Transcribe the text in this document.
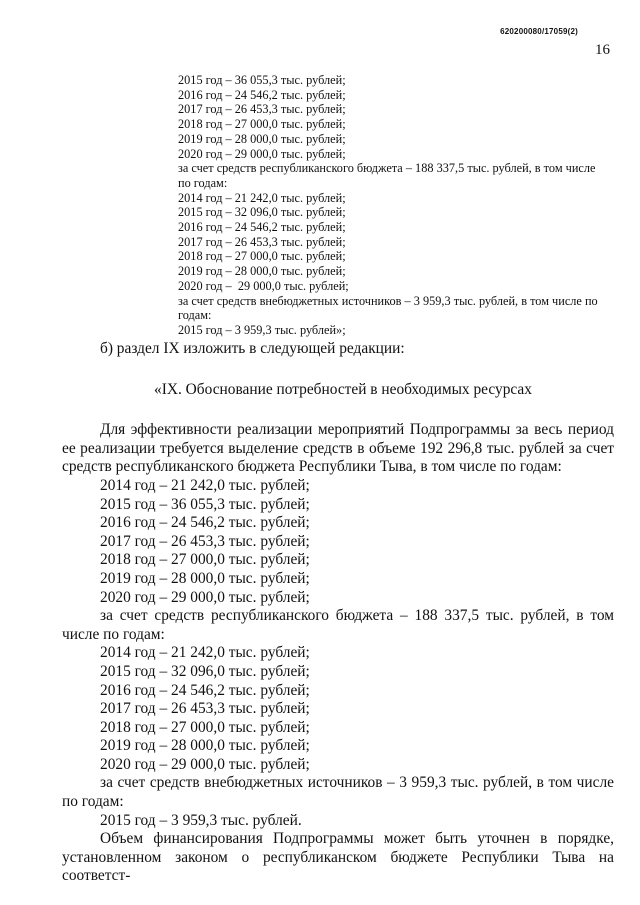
620200080/17059(2)
16
2015 год – 36 055,3 тыс. рублей;
2016 год – 24 546,2 тыс. рублей;
2017 год – 26 453,3 тыс. рублей;
2018 год – 27 000,0 тыс. рублей;
2019 год – 28 000,0 тыс. рублей;
2020 год – 29 000,0 тыс. рублей;
за счет средств республиканского бюджета – 188 337,5 тыс. рублей, в том числе по годам:
2014 год – 21 242,0 тыс. рублей;
2015 год – 32 096,0 тыс. рублей;
2016 год – 24 546,2 тыс. рублей;
2017 год – 26 453,3 тыс. рублей;
2018 год – 27 000,0 тыс. рублей;
2019 год – 28 000,0 тыс. рублей;
2020 год –  29 000,0 тыс. рублей;
за счет средств внебюджетных источников – 3 959,3 тыс. рублей, в том числе по годам:
2015 год – 3 959,3 тыс. рублей»;
б) раздел IX изложить в следующей редакции:
«IX. Обоснование потребностей в необходимых ресурсах
Для эффективности реализации мероприятий Подпрограммы за весь период ее реализации требуется выделение средств в объеме 192 296,8 тыс. рублей за счет средств республиканского бюджета Республики Тыва, в том числе по годам:
2014 год – 21 242,0 тыс. рублей;
2015 год – 36 055,3 тыс. рублей;
2016 год – 24 546,2 тыс. рублей;
2017 год – 26 453,3 тыс. рублей;
2018 год – 27 000,0 тыс. рублей;
2019 год – 28 000,0 тыс. рублей;
2020 год – 29 000,0 тыс. рублей;
за счет средств республиканского бюджета – 188 337,5 тыс. рублей, в том числе по годам:
2014 год – 21 242,0 тыс. рублей;
2015 год – 32 096,0 тыс. рублей;
2016 год – 24 546,2 тыс. рублей;
2017 год – 26 453,3 тыс. рублей;
2018 год – 27 000,0 тыс. рублей;
2019 год – 28 000,0 тыс. рублей;
2020 год – 29 000,0 тыс. рублей;
за счет средств внебюджетных источников – 3 959,3 тыс. рублей, в том числе по годам:
2015 год – 3 959,3 тыс. рублей.
Объем финансирования Подпрограммы может быть уточнен в порядке, установленном законом о республиканском бюджете Республики Тыва на соответст-
